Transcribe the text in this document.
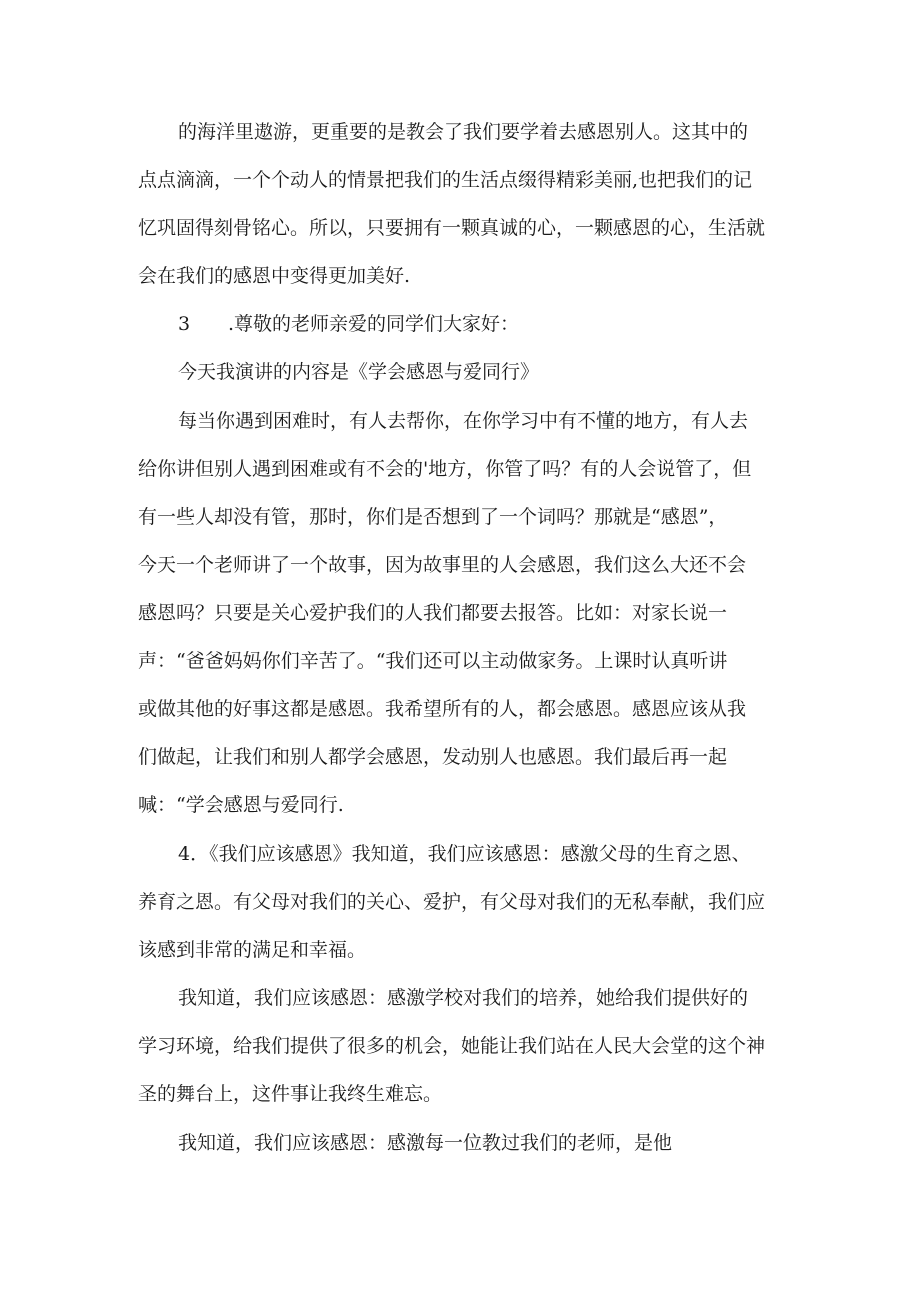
的海洋里遨游，更重要的是教会了我们要学着去感恩别人。这其中的
点点滴滴，一个个动人的情景把我们的生活点缀得精彩美丽,也把我们的记
忆巩固得刻骨铭心。所以，只要拥有一颗真诚的心，一颗感恩的心，生活就
会在我们的感恩中变得更加美好.
3	.尊敬的老师亲爱的同学们大家好：
今天我演讲的内容是《学会感恩与爱同行》
每当你遇到困难时，有人去帮你，在你学习中有不懂的地方，有人去
给你讲但别人遇到困难或有不会的'地方，你管了吗？有的人会说管了，但
有一些人却没有管，那时，你们是否想到了一个词吗？那就是“感恩”，
今天一个老师讲了一个故事，因为故事里的人会感恩，我们这么大还不会
感恩吗？只要是关心爱护我们的人我们都要去报答。比如：对家长说一
声：“爸爸妈妈你们辛苦了。“我们还可以主动做家务。上课时认真听讲
或做其他的好事这都是感恩。我希望所有的人，都会感恩。感恩应该从我
们做起，让我们和别人都学会感恩，发动别人也感恩。我们最后再一起
喊：“学会感恩与爱同行.
4．《我们应该感恩》我知道，我们应该感恩：感激父母的生育之恩、
养育之恩。有父母对我们的关心、爱护，有父母对我们的无私奉献，我们应
该感到非常的满足和幸福。
我知道，我们应该感恩：感激学校对我们的培养，她给我们提供好的
学习环境，给我们提供了很多的机会，她能让我们站在人民大会堂的这个神
圣的舞台上，这件事让我终生难忘。
我知道，我们应该感恩：感激每一位教过我们的老师，是他
